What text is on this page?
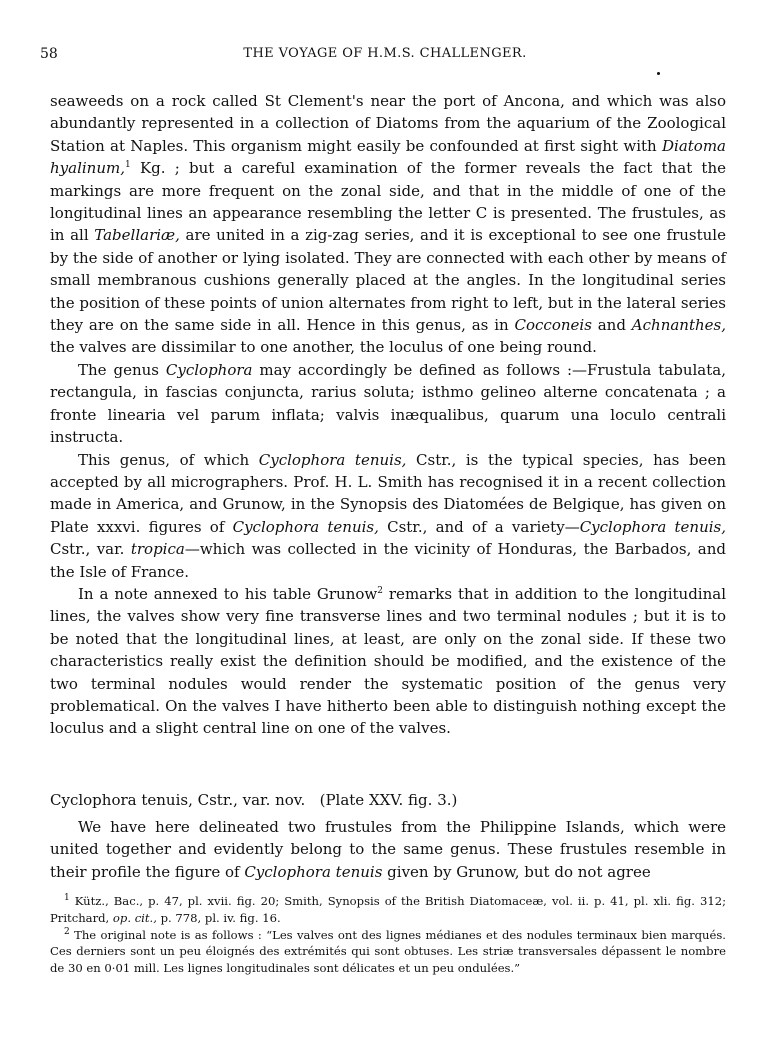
58	THE VOYAGE OF H.M.S. CHALLENGER.

seaweeds on a rock called St Clement's near the port of Ancona, and which was also abundantly represented in a collection of Diatoms from the aquarium of the Zoological Station at Naples. This organism might easily be confounded at first sight with Diatoma hyalinum,$^1$ Kg. ; but a careful examination of the former reveals the fact that the markings are more frequent on the zonal side, and that in the middle of one of the longitudinal lines an appearance resembling the letter C is presented. The frustules, as in all Tabellariæ, are united in a zig-zag series, and it is exceptional to see one frustule by the side of another or lying isolated. They are connected with each other by means of small membranous cushions generally placed at the angles. In the longitudinal series the position of these points of union alternates from right to left, but in the lateral series they are on the same side in all. Hence in this genus, as in Cocconeis and Achnanthes, the valves are dissimilar to one another, the loculus of one being round.

The genus Cyclophora may accordingly be defined as follows :—Frustula tabulata, rectangula, in fascias conjuncta, rarius soluta; isthmo gelineo alterne concatenata ; a fronte linearia vel parum inflata; valvis inæqualibus, quarum una loculo centrali instructa.

This genus, of which Cyclophora tenuis, Cstr., is the typical species, has been accepted by all micrographers. Prof. H. L. Smith has recognised it in a recent collection made in America, and Grunow, in the Synopsis des Diatomées de Belgique, has given on Plate xxxvi. figures of Cyclophora tenuis, Cstr., and of a variety—Cyclophora tenuis, Cstr., var. tropica—which was collected in the vicinity of Honduras, the Barbados, and the Isle of France.

In a note annexed to his table Grunow$^2$ remarks that in addition to the longitudinal lines, the valves show very fine transverse lines and two terminal nodules ; but it is to be noted that the longitudinal lines, at least, are only on the zonal side. If these two characteristics really exist the definition should be modified, and the existence of the two terminal nodules would render the systematic position of the genus very problematical. On the valves I have hitherto been able to distinguish nothing except the loculus and a slight central line on one of the valves.

Cyclophora tenuis, Cstr., var. nov. (Plate XXV. fig. 3.)
We have here delineated two frustules from the Philippine Islands, which were united together and evidently belong to the same genus. These frustules resemble in their profile the figure of Cyclophora tenuis given by Grunow, but do not agree

$^1$ Kütz., Bac., p. 47, pl. xvii. fig. 20; Smith, Synopsis of the British Diatomaceæ, vol. ii. p. 41, pl. xli. fig. 312; Pritchard, op. cit., p. 778, pl. iv. fig. 16.

$^2$ The original note is as follows : “Les valves ont des lignes médianes et des nodules terminaux bien marqués. Ces derniers sont un peu éloignés des extrémités qui sont obtuses. Les striæ transversales dépassent le nombre de 30 en 0·01 mill. Les lignes longitudinales sont délicates et un peu ondulées.”
